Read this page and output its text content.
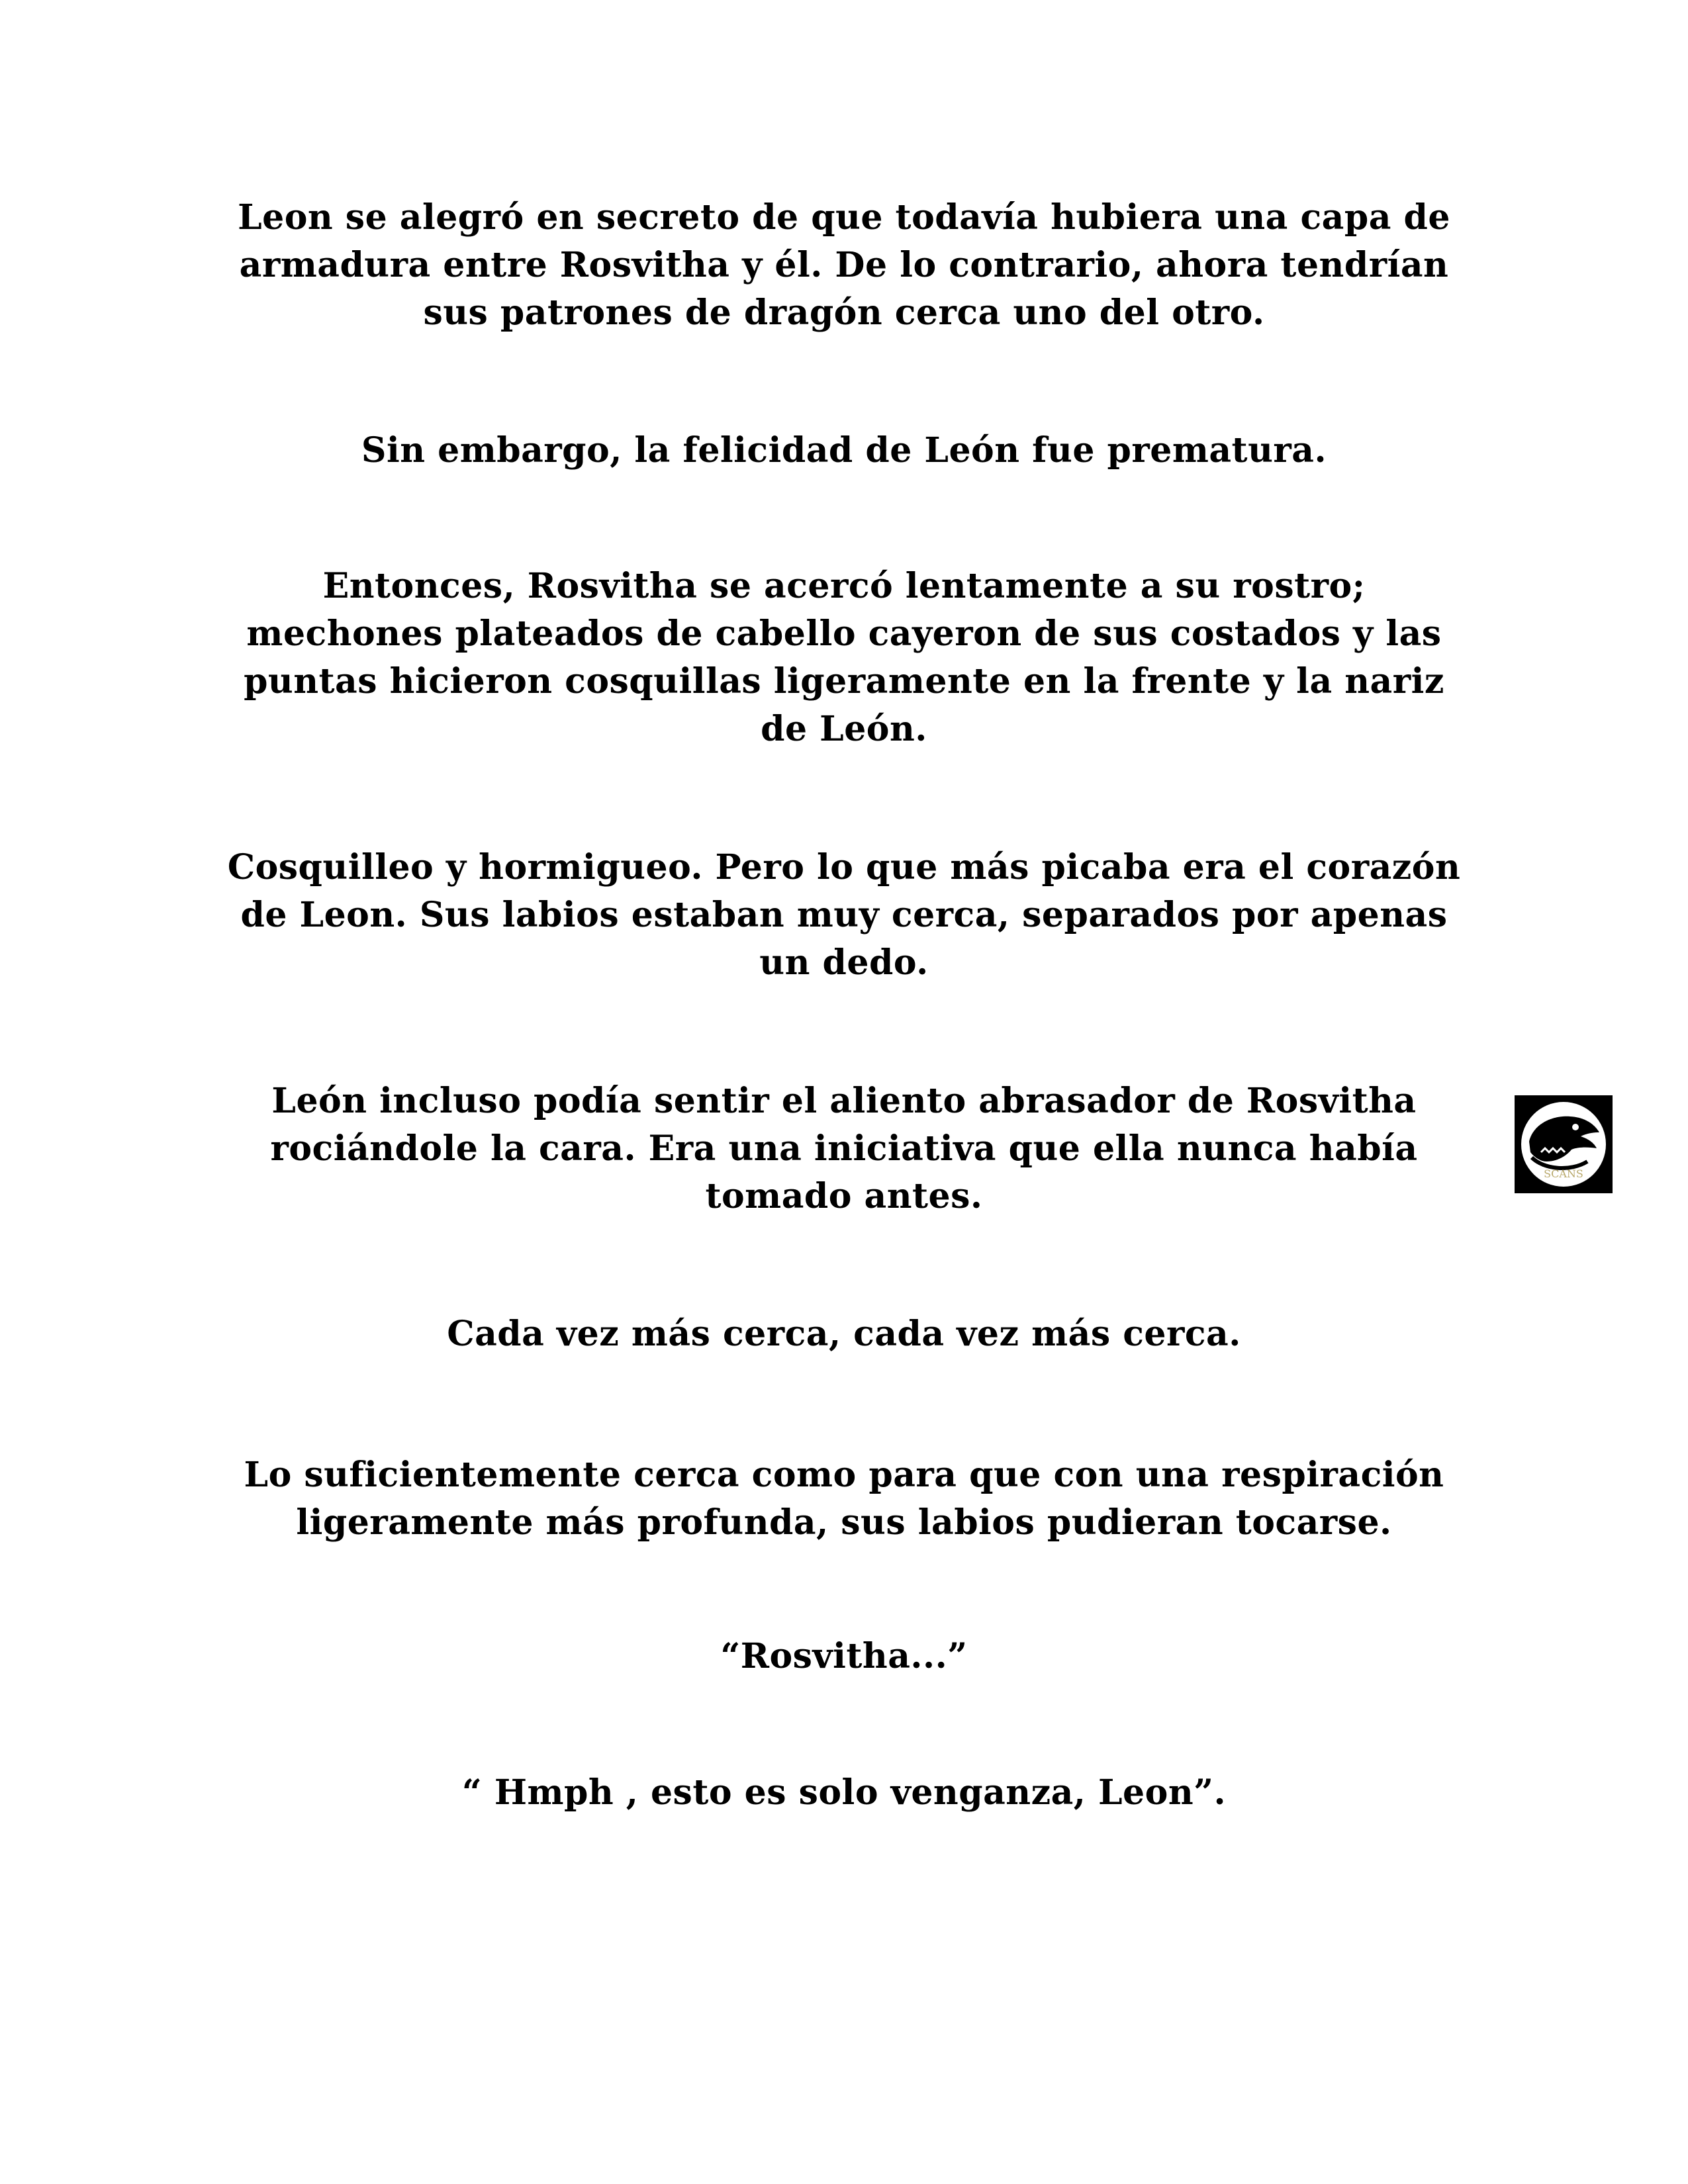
Leon se alegró en secreto de que todavía hubiera una capa de armadura entre Rosvitha y él. De lo contrario, ahora tendrían sus patrones de dragón cerca uno del otro.

Sin embargo, la felicidad de León fue prematura.

Entonces, Rosvitha se acercó lentamente a su rostro; mechones plateados de cabello cayeron de sus costados y las puntas hicieron cosquillas ligeramente en la frente y la nariz de León.

Cosquilleo y hormigueo. Pero lo que más picaba era el corazón de Leon. Sus labios estaban muy cerca, separados por apenas un dedo.

León incluso podía sentir el aliento abrasador de Rosvitha rociándole la cara. Era una iniciativa que ella nunca había tomado antes.

Cada vez más cerca, cada vez más cerca.

Lo suficientemente cerca como para que con una respiración ligeramente más profunda, sus labios pudieran tocarse.

“Rosvitha...”

“ Hmph , esto es solo venganza, Leon”.

SCANS
